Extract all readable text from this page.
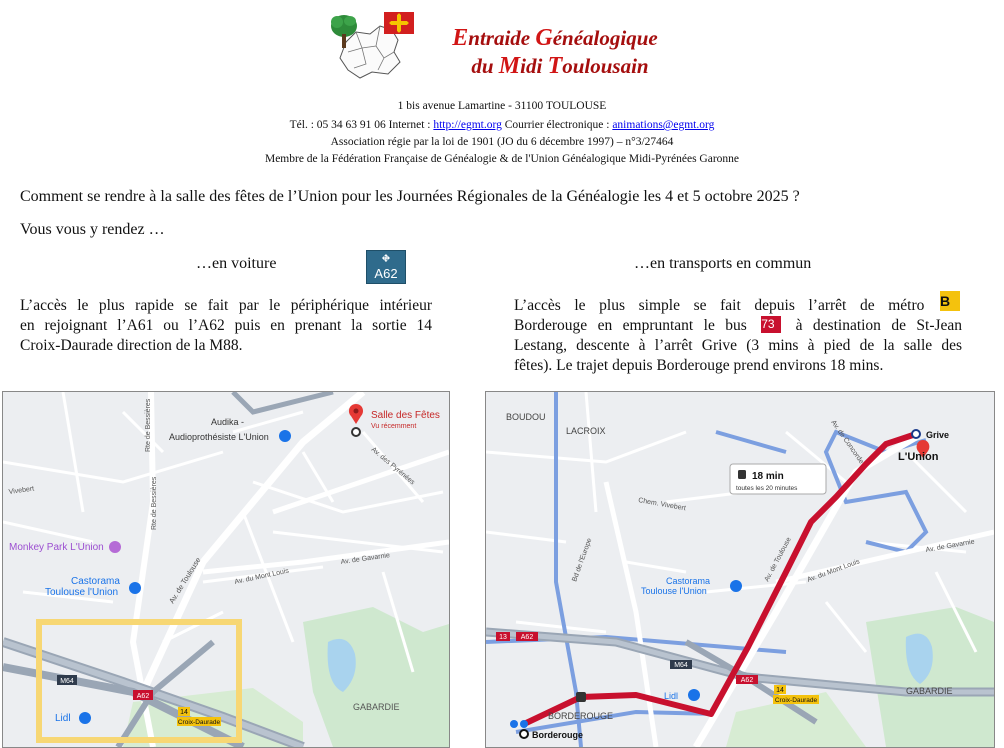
Entraide Généalogique
du Midi Toulousain
1 bis avenue Lamartine - 31100 TOULOUSE
Tél. : 05 34 63 91 06 Internet : http://egmt.org Courrier électronique : animations@egmt.org
Association régie par la loi de 1901 (JO du 6 décembre 1997) – n°3/27464
Membre de la Fédération Française de Généalogie & de l'Union Généalogique Midi-Pyrénées Garonne
Comment se rendre à la salle des fêtes de l’Union pour les Journées Régionales de la Généalogie les 4 et 5 octobre 2025 ?
Vous vous y rendez …
…en voiture	⛖
A62
…en transports en commun
L’accès le plus rapide se fait par le périphérique intérieur
en rejoignant l’A61 ou l’A62 puis en prenant la sortie 14
Croix-Daurade direction de la M88.
L’accès le plus simple se fait depuis l’arrêt de métro B
Borderouge en empruntant le bus 73 à destination de St-Jean
Lestang, descente à l’arrêt Grive (3 mins à pied de la salle des
fêtes). Le trajet depuis Borderouge prend environs 18 mins.
M64
A62
14
Croix-Daurade
Salle des Fêtes
Vu récemment
Audika -
Audioprothésiste L'Union
Monkey Park L'Union
Castorama
Toulouse l'Union
Lidl
GABARDIE
Av. de Toulouse	Av. du Mont Louis
Av. de Gavarnie
Av. des Pyrénées
Rte de Bessières
Rte de Bessières
Vivebert
13 A62
A62
M64
14
Croix-Daurade
BOUDOU
LACROIX
GABARDIE
BORDEROUGE
Grive
L'Union
Borderouge
18 min
toutes les 20 minutes
Castorama
Toulouse l'Union
Lidl
Av. de Toulouse	Av. de Gavarnie
Av. du Mont Louis
Chem. Vivebert
Bd de l'Europe
Av. de Concorde
